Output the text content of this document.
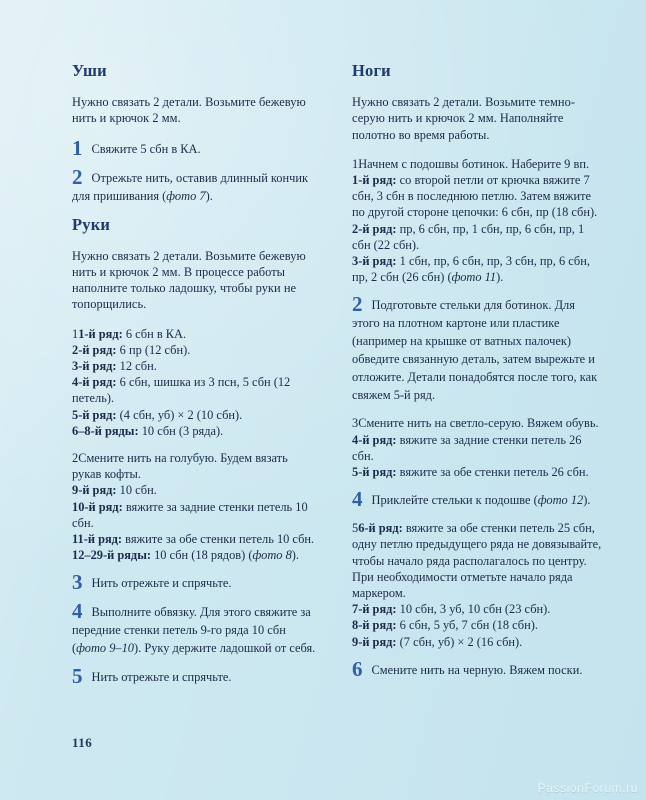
Уши

Нужно связать 2 детали. Возьмите бежевую нить и крючок 2 мм.

1 Свяжите 5 сбн в КА.
2 Отрежьте нить, оставив длинный кончик для пришивания (фото 7).
Руки

Нужно связать 2 детали. Возьмите бежевую нить и крючок 2 мм. В процессе работы наполните только ладошку, чтобы руки не топорщились.

11-й ряд: 6 сбн в КА.
2-й ряд: 6 пр (12 сбн).
3-й ряд: 12 сбн.
4-й ряд: 6 сбн, шишка из 3 псн, 5 сбн (12 петель).
5-й ряд: (4 сбн, уб) × 2 (10 сбн).
6–8-й ряды: 10 сбн (3 ряда).
2Смените нить на голубую. Будем вязать рукав кофты.
9-й ряд: 10 сбн.
10-й ряд: вяжите за задние стенки петель 10 сбн.
11-й ряд: вяжите за обе стенки петель 10 сбн.
12–29-й ряды: 10 сбн (18 рядов) (фото 8).
3 Нить отрежьте и спрячьте.
4 Выполните обвязку. Для этого свяжите за передние стенки петель 9-го ряда 10 сбн (фото 9–10). Руку держите ладошкой от себя.
5 Нить отрежьте и спрячьте.
Ноги

Нужно связать 2 детали. Возьмите темно-серую нить и крючок 2 мм. Наполняйте полотно во время работы.

1Начнем с подошвы ботинок. Наберите 9 вп.
1-й ряд: со второй петли от крючка вяжите 7 сбн, 3 сбн в последнюю петлю. Затем вяжите по другой стороне цепочки: 6 сбн, пр (18 сбн).
2-й ряд: пр, 6 сбн, пр, 1 сбн, пр, 6 сбн, пр, 1 сбн (22 сбн).
3-й ряд: 1 сбн, пр, 6 сбн, пр, 3 сбн, пр, 6 сбн, пр, 2 сбн (26 сбн) (фото 11).
2 Подготовьте стельки для ботинок. Для этого на плотном картоне или пластике (например на крышке от ватных палочек) обведите связанную деталь, затем вырежьте и отложите. Детали понадобятся после того, как свяжем 5-й ряд.
3Смените нить на светло-серую. Вяжем обувь.
4-й ряд: вяжите за задние стенки петель 26 сбн.
5-й ряд: вяжите за обе стенки петель 26 сбн.
4 Приклейте стельки к подошве (фото 12).
56-й ряд: вяжите за обе стенки петель 25 сбн, одну петлю предыдущего ряда не довязывайте, чтобы начало ряда располагалось по центру. При необходимости отметьте начало ряда маркером.
7-й ряд: 10 сбн, 3 уб, 10 сбн (23 сбн).
8-й ряд: 6 сбн, 5 уб, 7 сбн (18 сбн).
9-й ряд: (7 сбн, уб) × 2 (16 сбн).
6 Смените нить на черную. Вяжем поски.
116
PassionForum.ru
